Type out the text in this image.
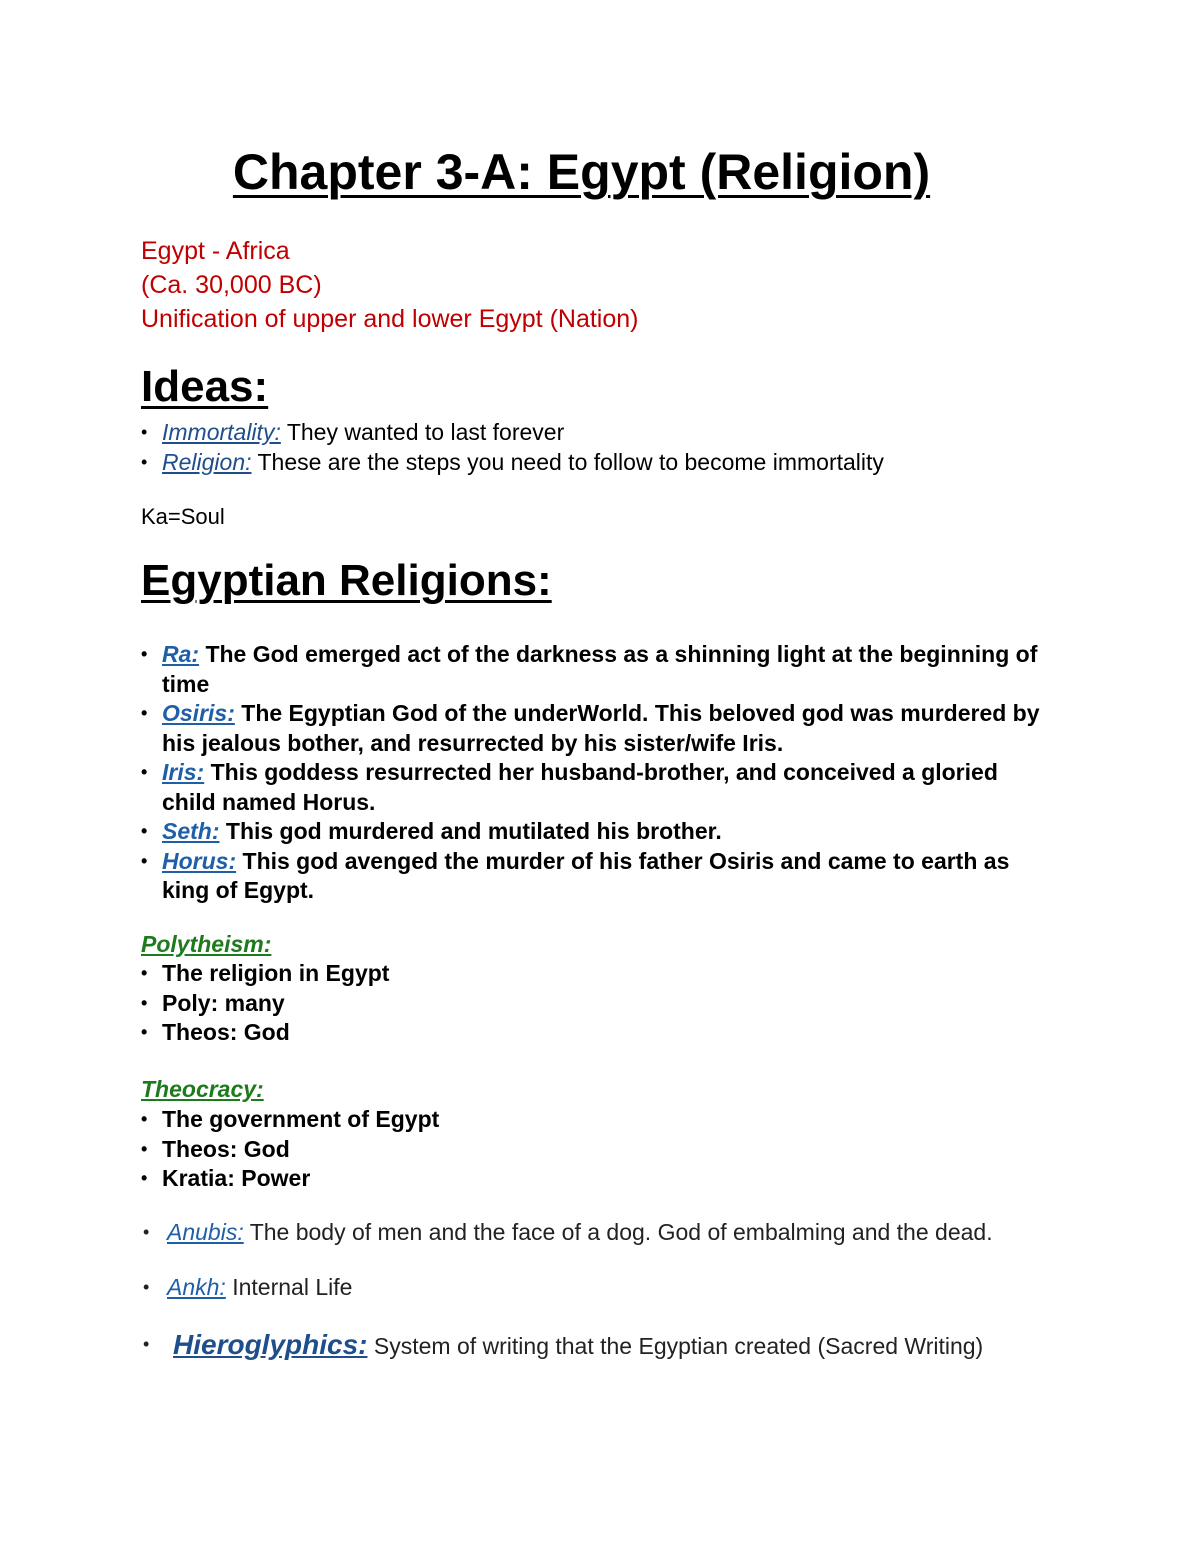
Chapter 3-A: Egypt (Religion)
Egypt - Africa
(Ca. 30,000 BC)
Unification of upper and lower Egypt (Nation)
Ideas:
• Immortality: They wanted to last forever
• Religion: These are the steps you need to follow to become immortality

Ka=Soul

Egyptian Religions:
• Ra: The God emerged act of the darkness as a shinning light at the beginning of time
• Osiris: The Egyptian God of the underWorld. This beloved god was murdered by his jealous bother, and resurrected by his sister/wife Iris.
• Iris: This goddess resurrected her husband-brother, and conceived a gloried child named Horus.
• Seth: This god murdered and mutilated his brother.
• Horus: This god avenged the murder of his father Osiris and came to earth as king of Egypt.

Polytheism:

• The religion in Egypt
• Poly: many
• Theos: God

Theocracy:

• The government of Egypt
• Theos: God
• Kratia: Power
• Anubis: The body of men and the face of a dog. God of embalming and the dead.
• Ankh: Internal Life
• Hieroglyphics: System of writing that the Egyptian created (Sacred Writing)
